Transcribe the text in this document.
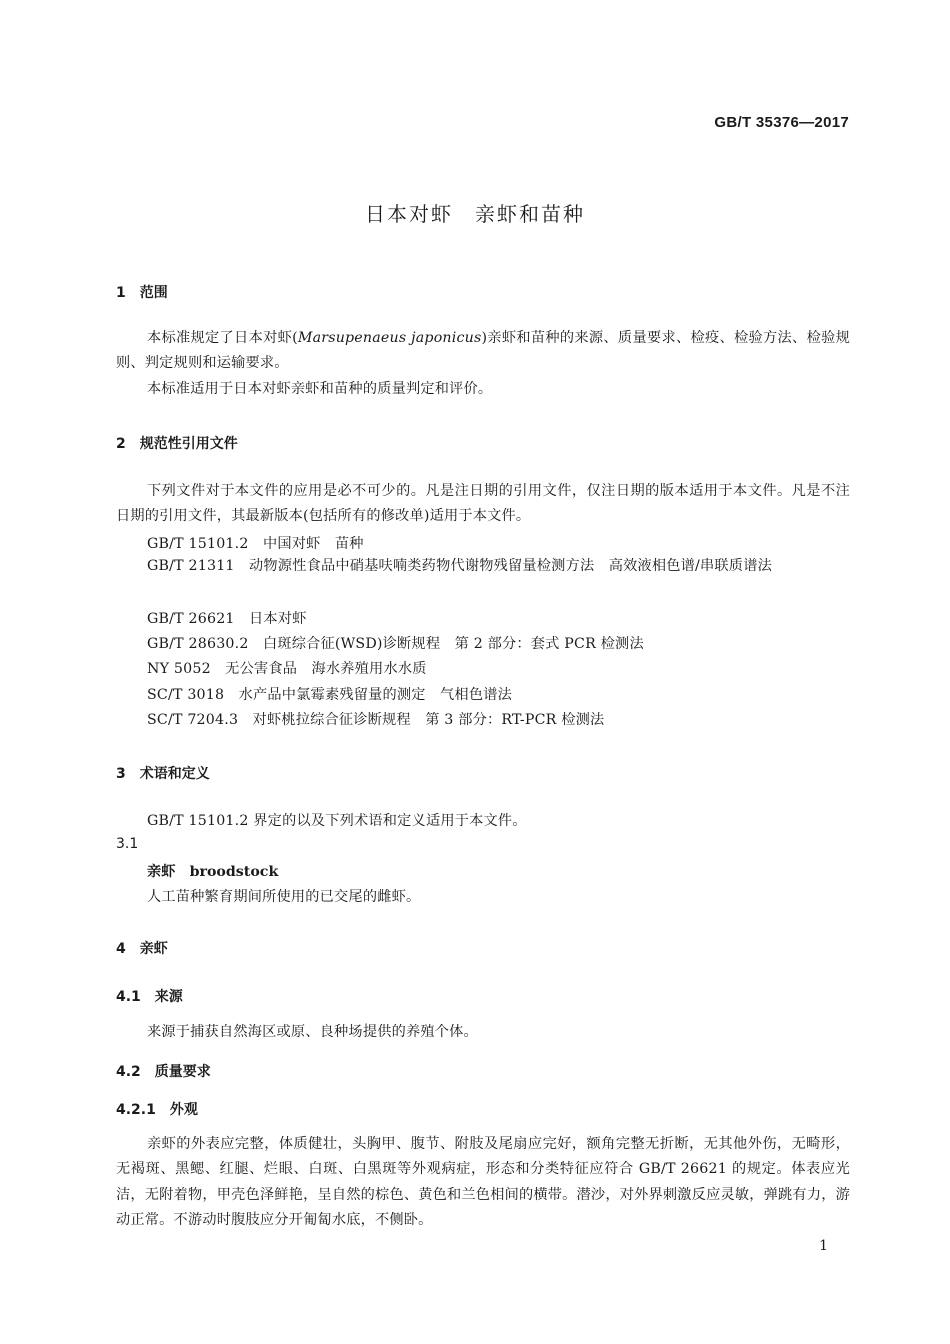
GB/T 35376—2017
日本对虾　亲虾和苗种
1　范围

本标准规定了日本对虾(Marsupenaeus japonicus)亲虾和苗种的来源、质量要求、检疫、检验方法、检验规则、判定规则和运输要求。

本标准适用于日本对虾亲虾和苗种的质量判定和评价。

2　规范性引用文件

下列文件对于本文件的应用是必不可少的。凡是注日期的引用文件，仅注日期的版本适用于本文件。凡是不注日期的引用文件，其最新版本(包括所有的修改单)适用于本文件。

GB/T 15101.2　中国对虾　苗种

GB/T 21311　动物源性食品中硝基呋喃类药物代谢物残留量检测方法　高效液相色谱/串联质谱法

GB/T 26621　日本对虾
GB/T 28630.2　白斑综合征(WSD)诊断规程　第 2 部分：套式 PCR 检测法
NY 5052　无公害食品　海水养殖用水水质
SC/T 3018　水产品中氯霉素残留量的测定　气相色谱法
SC/T 7204.3　对虾桃拉综合征诊断规程　第 3 部分：RT-PCR 检测法
3　术语和定义
GB/T 15101.2 界定的以及下列术语和定义适用于本文件。
3.1
亲虾　broodstock
人工苗种繁育期间所使用的已交尾的雌虾。
4　亲虾
4.1　来源
来源于捕获自然海区或原、良种场提供的养殖个体。
4.2　质量要求
4.2.1　外观

亲虾的外表应完整，体质健壮，头胸甲、腹节、附肢及尾扇应完好，额角完整无折断，无其他外伤，无畸形，无褐斑、黑鳃、红腿、烂眼、白斑、白黑斑等外观病症，形态和分类特征应符合 GB/T 26621 的规定。体表应光洁，无附着物，甲壳色泽鲜艳，呈自然的棕色、黄色和兰色相间的横带。潜沙，对外界刺激反应灵敏，弹跳有力，游动正常。不游动时腹肢应分开匍匐水底，不侧卧。

1
